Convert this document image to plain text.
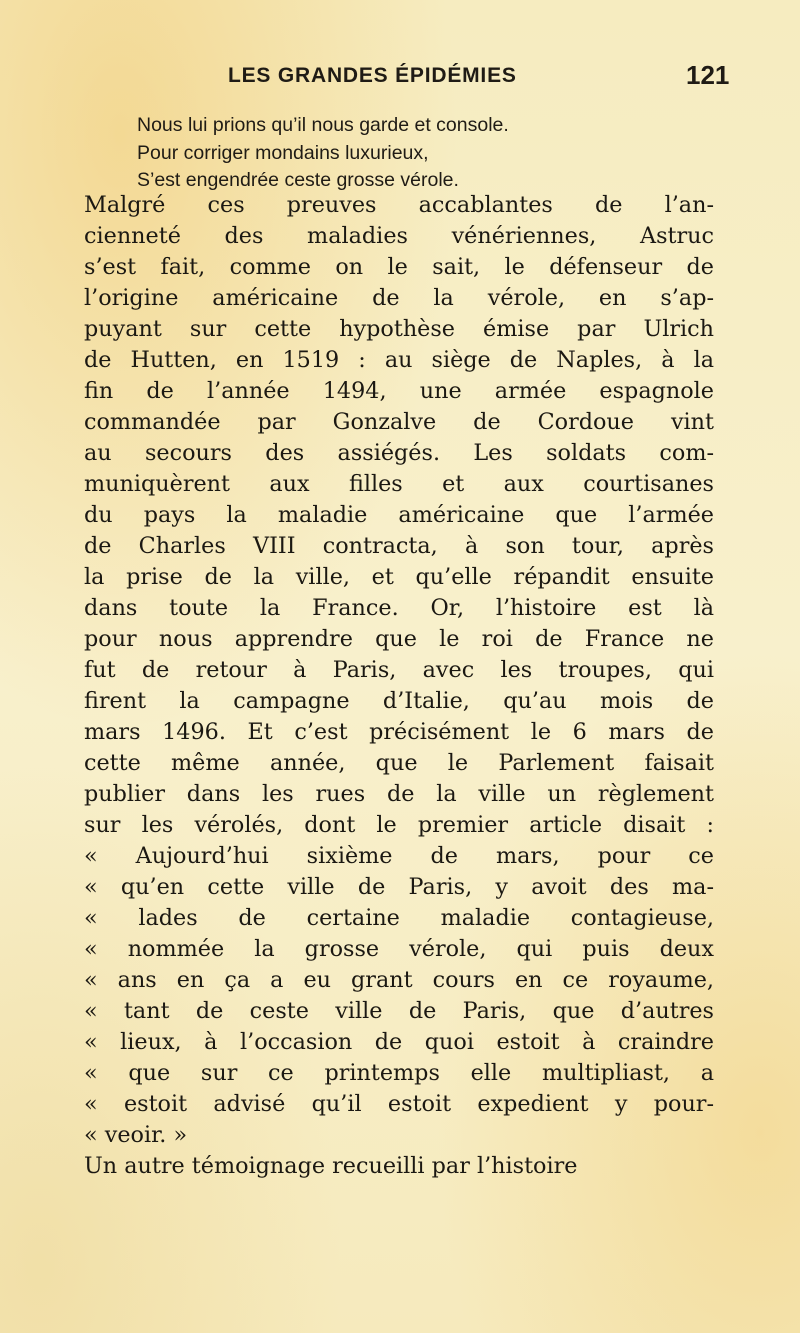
LES GRANDES ÉPIDÉMIES	121
Nous lui prions qu’il nous garde et console.
Pour corriger mondains luxurieux,
S’est engendrée ceste grosse vérole.
Malgré ces preuves accablantes de l’an-
cienneté des maladies vénériennes, Astruc
s’est fait, comme on le sait, le défenseur de
l’origine américaine de la vérole, en s’ap-
puyant sur cette hypothèse émise par Ulrich
de Hutten, en 1519 : au siège de Naples, à la
fin de l’année 1494, une armée espagnole
commandée par Gonzalve de Cordoue vint
au secours des assiégés. Les soldats com-
muniquèrent aux filles et aux courtisanes
du pays la maladie américaine que l’armée
de Charles VIII contracta, à son tour, après
la prise de la ville, et qu’elle répandit ensuite
dans toute la France. Or, l’histoire est là
pour nous apprendre que le roi de France ne
fut de retour à Paris, avec les troupes, qui
firent la campagne d’Italie, qu’au mois de
mars 1496. Et c’est précisément le 6 mars de
cette même année, que le Parlement faisait
publier dans les rues de la ville un règlement
sur les vérolés, dont le premier article disait :
« Aujourd’hui sixième de mars, pour ce
« qu’en cette ville de Paris, y avoit des ma-
« lades de certaine maladie contagieuse,
« nommée la grosse vérole, qui puis deux
« ans en ça a eu grant cours en ce royaume,
« tant de ceste ville de Paris, que d’autres
« lieux, à l’occasion de quoi estoit à craindre
« que sur ce printemps elle multipliast, a
« estoit advisé qu’il estoit expedient y pour-
« veoir. »
Un autre témoignage recueilli par l’histoire
